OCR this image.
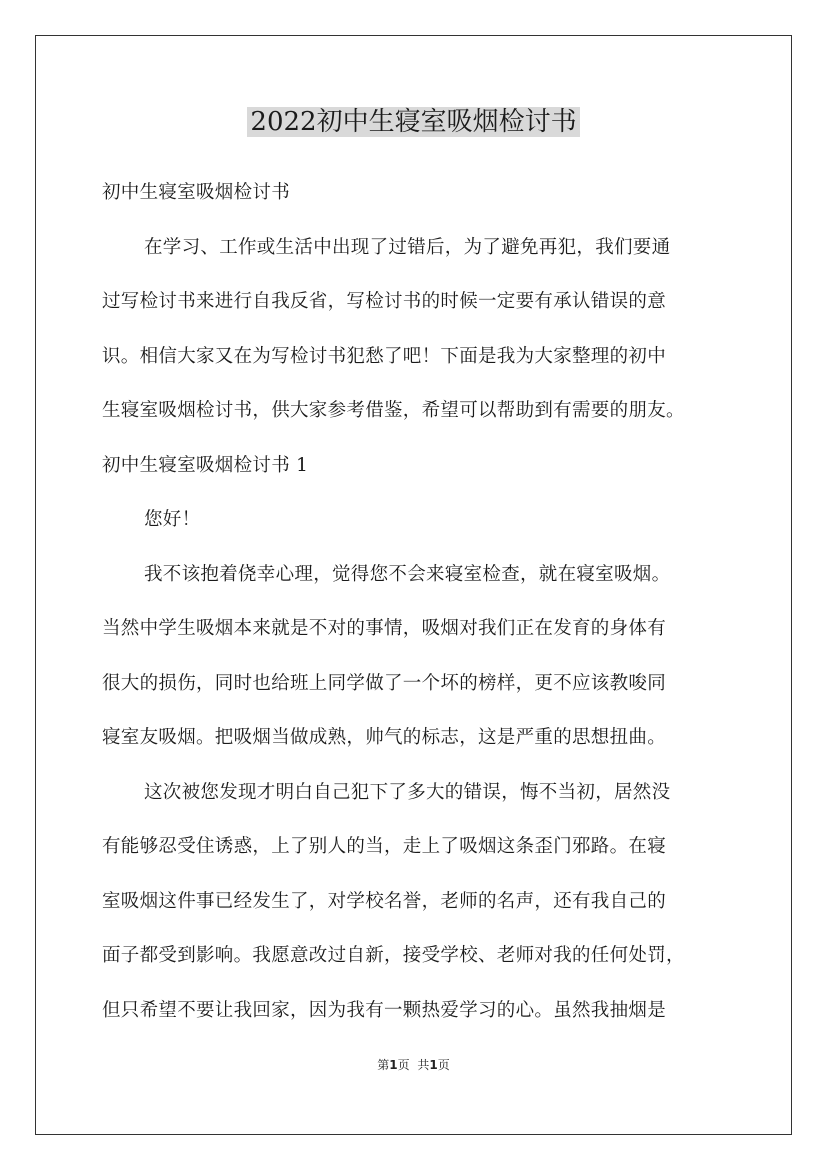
2022初中生寝室吸烟检讨书
初中生寝室吸烟检讨书
在学习、工作或生活中出现了过错后，为了避免再犯，我们要通
过写检讨书来进行自我反省，写检讨书的时候一定要有承认错误的意
识。相信大家又在为写检讨书犯愁了吧！下面是我为大家整理的初中
生寝室吸烟检讨书，供大家参考借鉴，希望可以帮助到有需要的朋友。
初中生寝室吸烟检讨书 1
您好！
我不该抱着侥幸心理，觉得您不会来寝室检查，就在寝室吸烟。
当然中学生吸烟本来就是不对的事情，吸烟对我们正在发育的身体有
很大的损伤，同时也给班上同学做了一个坏的榜样，更不应该教唆同
寝室友吸烟。把吸烟当做成熟，帅气的标志，这是严重的思想扭曲。
这次被您发现才明白自己犯下了多大的错误，悔不当初，居然没
有能够忍受住诱惑，上了别人的当，走上了吸烟这条歪门邪路。在寝
室吸烟这件事已经发生了，对学校名誉，老师的名声，还有我自己的
面子都受到影响。我愿意改过自新，接受学校、老师对我的任何处罚，
但只希望不要让我回家，因为我有一颗热爱学习的心。虽然我抽烟是
第1页 共1页
